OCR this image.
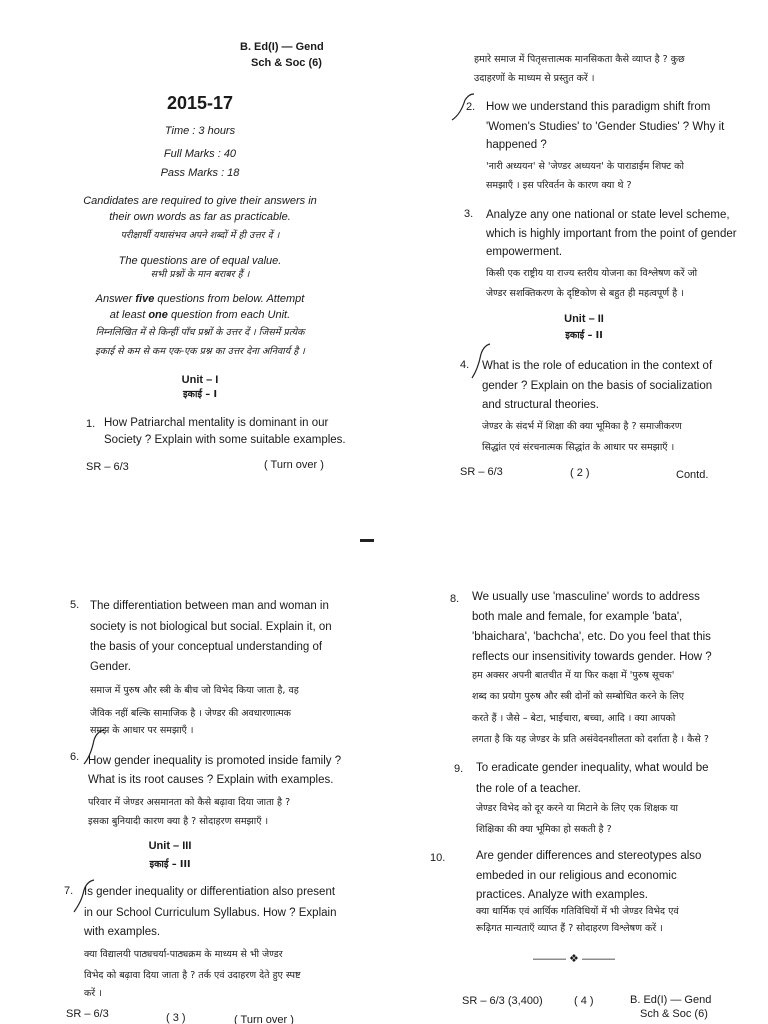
B. Ed(I) — Gend
Sch & Soc (6)
2015-17
Time : 3 hours
Full Marks : 40
Pass Marks : 18
Candidates are required to give their answers in
their own words as far as practicable.
परीक्षार्थी यथासंभव अपने शब्दों में ही उत्तर दें ।
The questions are of equal value.
सभी प्रश्नों के मान बराबर हैं ।
Answer five questions from below. Attempt
at least one question from each Unit.
निम्नलिखित में से किन्हीं पाँच प्रश्नों के उत्तर दें । जिसमें प्रत्येक
इकाई से कम से कम एक-एक प्रश्न का उत्तर देना अनिवार्य है ।
Unit – I
इकाई – I
1. How Patriarchal mentality is dominant in our
Society ? Explain with some suitable examples.
SR – 6/3	( Turn over )
हमारे समाज में पितृसत्तात्मक मानसिकता कैसे व्याप्त है ? कुछ
उदाहरणों के माध्यम से प्रस्तुत करें ।
2. How we understand this paradigm shift from
'Women's Studies' to 'Gender Studies' ? Why it
happened ?
'नारी अध्ययन' से 'जेण्डर अध्ययन' के पाराडाईम शिफ्ट को
समझाएँ । इस परिवर्तन के कारण क्या थे ?
3. Analyze any one national or state level scheme,
which is highly important from the point of gender
empowerment.
किसी एक राष्ट्रीय या राज्य स्तरीय योजना का विश्लेषण करें जो
जेण्डर सशक्तिकरण के दृष्टिकोण से बहुत ही महत्वपूर्ण है ।
Unit – II
इकाई – II
4. What is the role of education in the context of
gender ? Explain on the basis of socialization
and structural theories.
जेण्डर के संदर्भ में शिक्षा की क्या भूमिका है ? समाजीकरण
सिद्धांत एवं संरचनात्मक सिद्धांत के आधार पर समझाएँ ।
SR – 6/3	( 2 )	Contd.
5. The differentiation between man and woman in
society is not biological but social. Explain it, on
the basis of your conceptual understanding of
Gender.
समाज में पुरुष और स्त्री के बीच जो विभेद किया जाता है, वह
जैविक नहीं बल्कि सामाजिक है । जेण्डर की अवधारणात्मक
समझ के आधार पर समझाएँ ।
6. How gender inequality is promoted inside family ?
What is its root causes ? Explain with examples.
परिवार में जेण्डर असमानता को कैसे बढ़ावा दिया जाता है ?
इसका बुनियादी कारण क्या है ? सोदाहरण समझाएँ ।
Unit – III
इकाई – III
7. Is gender inequality or differentiation also present
in our School Curriculum Syllabus. How ? Explain
with examples.
क्या विद्यालयी पाठ्यचर्या-पाठ्यक्रम के माध्यम से भी जेण्डर
विभेद को बढ़ावा दिया जाता है ? तर्क एवं उदाहरण देते हुए स्पष्ट
करें ।
SR – 6/3	( 3 )	( Turn over )
8. We usually use 'masculine' words to address
both male and female, for example 'bata',
'bhaichara', 'bachcha', etc. Do you feel that this
reflects our insensitivity towards gender. How ?
हम अक्सर अपनी बातचीत में या फिर कक्षा में 'पुरुष सूचक'
शब्द का प्रयोग पुरुष और स्त्री दोनों को सम्बोधित करने के लिए
करते हैं । जैसे – बेटा, भाईचारा, बच्चा, आदि । क्या आपको
लगता है कि यह जेण्डर के प्रति असंवेदनशीलता को दर्शाता है । कैसे ?
9. To eradicate gender inequality, what would be
the role of a teacher.
जेण्डर विभेद को दूर करने या मिटाने के लिए एक शिक्षक या
शिक्षिका की क्या भूमिका हो सकती है ?
10.	Are gender differences and stereotypes also
embeded in our religious and economic
practices. Analyze with examples.
क्या धार्मिक एवं आर्थिक गतिविधियों में भी जेण्डर विभेद एवं
रूढ़िगत मान्यताएँ व्याप्त हैं ? सोदाहरण विश्लेषण करें ।
——— ❖ ———
SR – 6/3 (3,400)	( 4 )	B. Ed(I) — Gend
Sch & Soc (6)
